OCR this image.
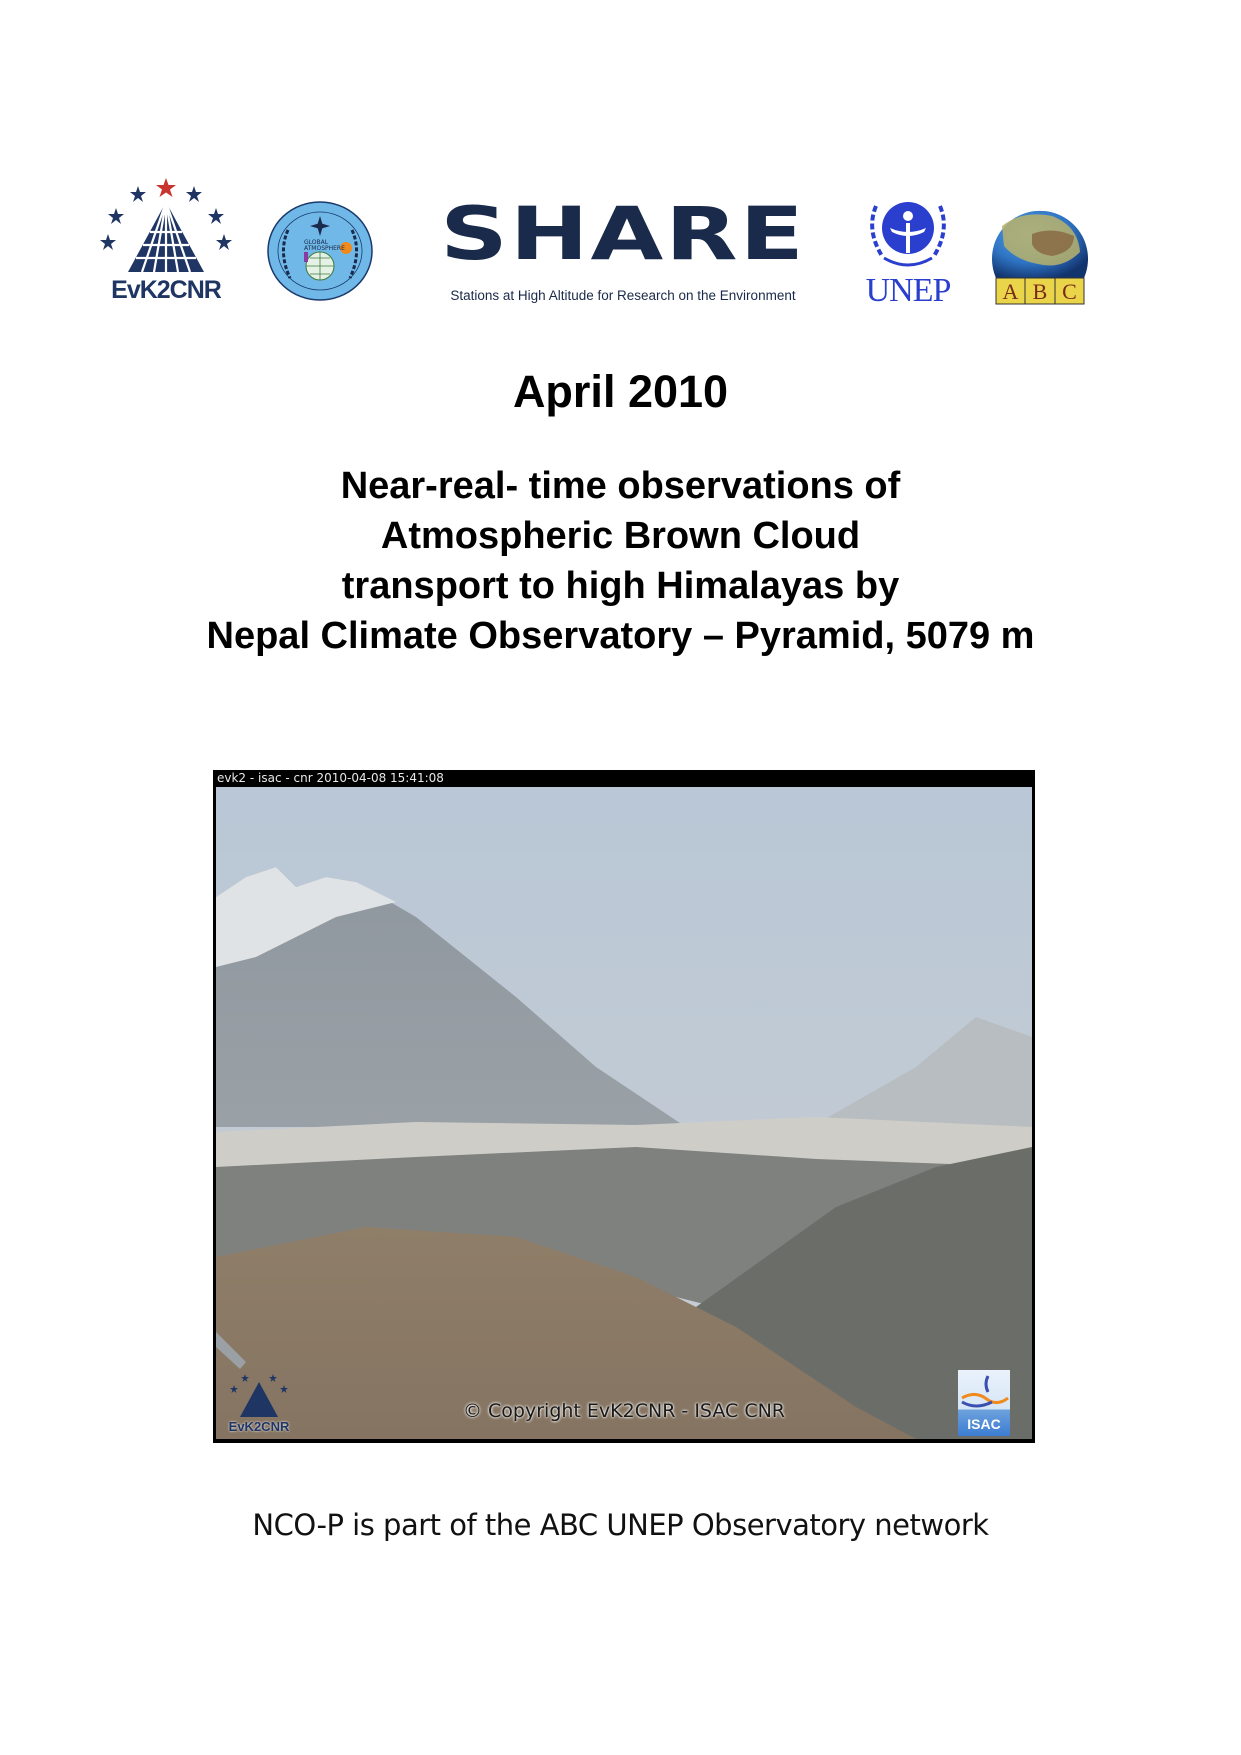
EvK2CNR
GLOBAL
ATMOSPHERE SHARE
Stations at High Altitude for Research on the Environment	UNEP	A B C
April 2010
Near-real- time observations of
Atmospheric Brown Cloud
transport to high Himalayas by
Nepal Climate Observatory – Pyramid, 5079 m
evk2 - isac - cnr 2010-04-08 15:41:08
EvK2CNR
© Copyright EvK2CNR - ISAC CNR
ISAC
NCO-P is part of the ABC UNEP Observatory network
